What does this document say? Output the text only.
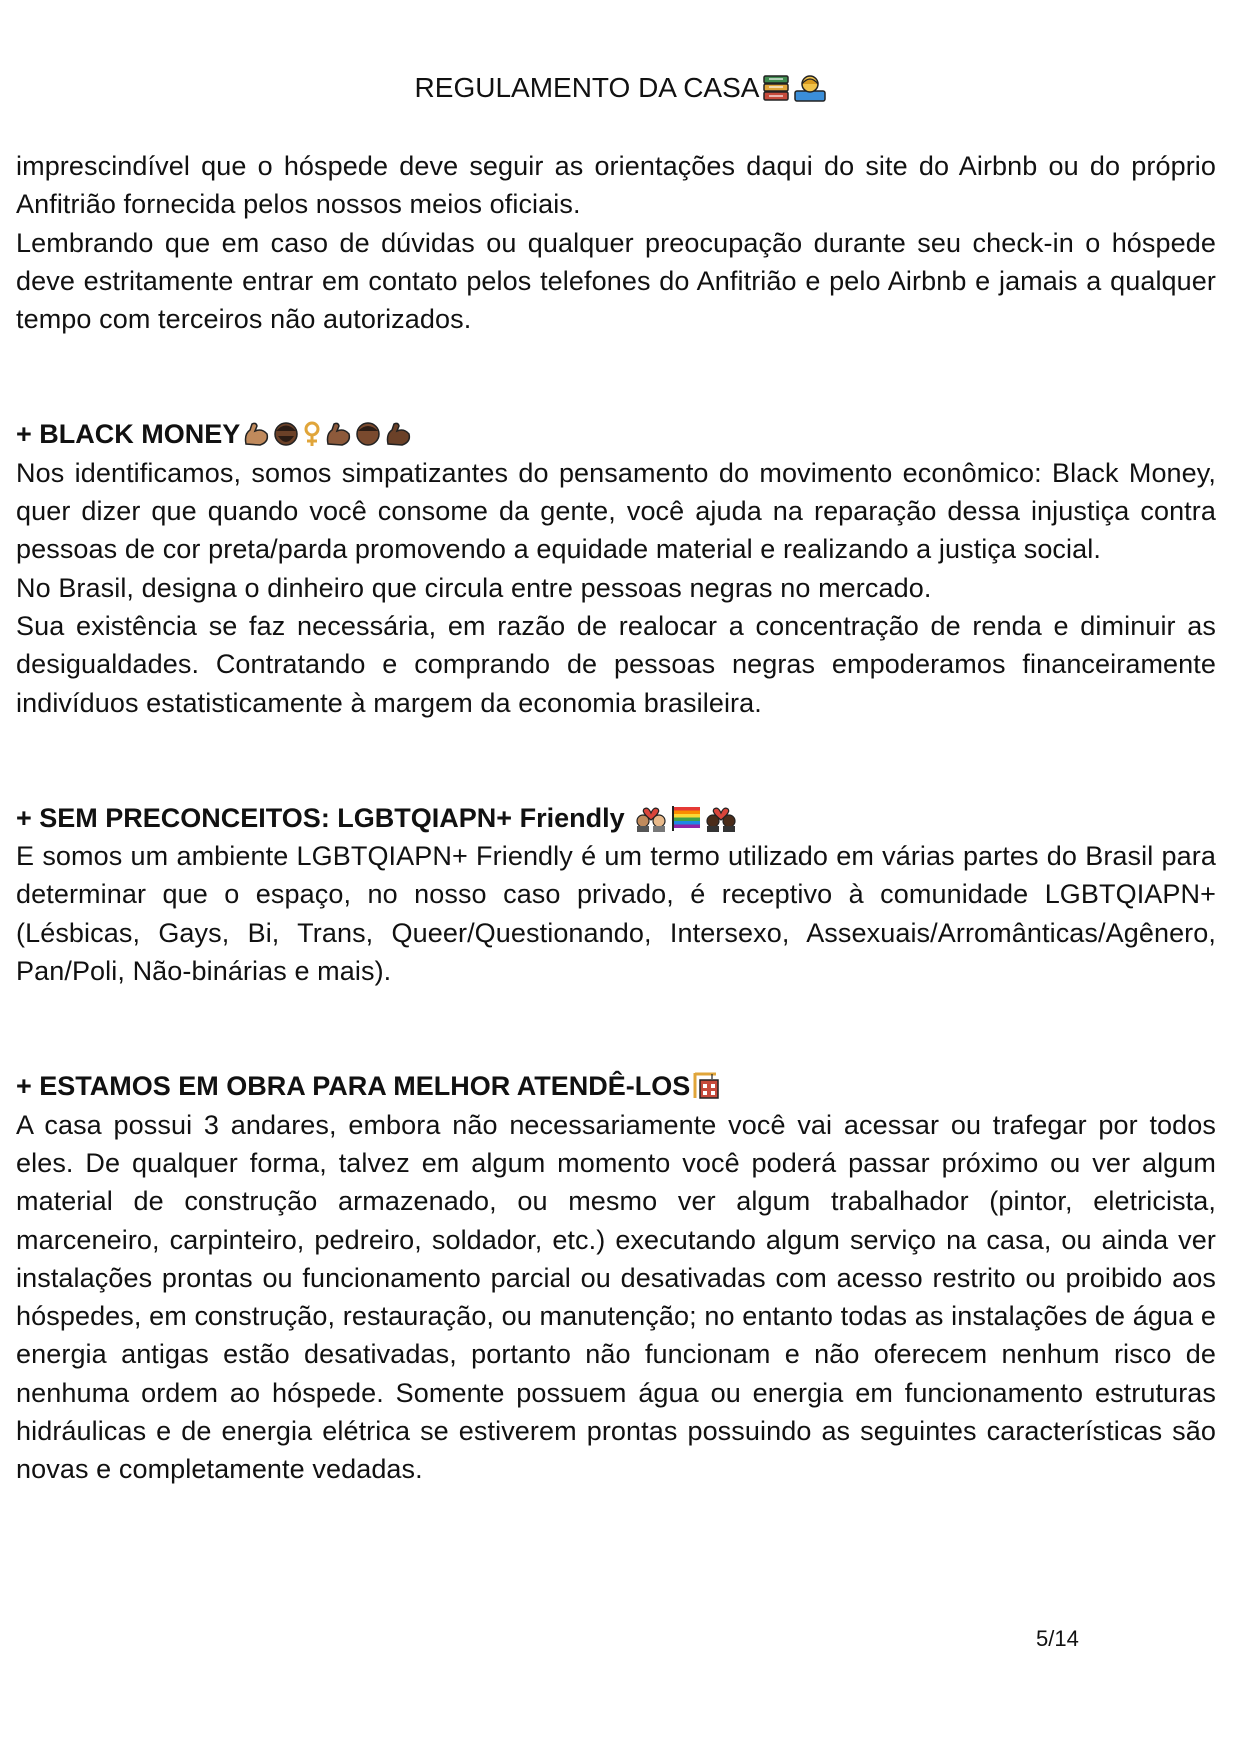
REGULAMENTO DA CASA

imprescindível que o hóspede deve seguir as orientações daqui do site do Airbnb ou do próprio Anfitrião fornecida pelos nossos meios oficiais.

Lembrando que em caso de dúvidas ou qualquer preocupação durante seu check-in o hóspede deve estritamente entrar em contato pelos telefones do Anfitrião e pelo Airbnb e jamais a qualquer tempo com terceiros não autorizados.

+ BLACK MONEY

Nos identificamos, somos simpatizantes do pensamento do movimento econômico: Black Money, quer dizer que quando você consome da gente, você ajuda na reparação dessa injustiça contra pessoas de cor preta/parda promovendo a equidade material e realizando a justiça social.

No Brasil, designa o dinheiro que circula entre pessoas negras no mercado.

Sua existência se faz necessária, em razão de realocar a concentração de renda e diminuir as desigualdades. Contratando e comprando de pessoas negras empoderamos financeiramente indivíduos estatisticamente à margem da economia brasileira.

+ SEM PRECONCEITOS: LGBTQIAPN+ Friendly

E somos um ambiente LGBTQIAPN+ Friendly é um termo utilizado em várias partes do Brasil para determinar que o espaço, no nosso caso privado, é receptivo à comunidade LGBTQIAPN+ (Lésbicas, Gays, Bi, Trans, Queer/Questionando, Intersexo, Assexuais/Arromânticas/Agênero, Pan/Poli, Não-binárias e mais).

+ ESTAMOS EM OBRA PARA MELHOR ATENDÊ-LOS

A casa possui 3 andares, embora não necessariamente você vai acessar ou trafegar por todos eles. De qualquer forma, talvez em algum momento você poderá passar próximo ou ver algum material de construção armazenado, ou mesmo ver algum trabalhador (pintor, eletricista, marceneiro, carpinteiro, pedreiro, soldador, etc.) executando algum serviço na casa, ou ainda ver instalações prontas ou funcionamento parcial ou desativadas com acesso restrito ou proibido aos hóspedes, em construção, restauração, ou manutenção; no entanto todas as instalações de água e energia antigas estão desativadas, portanto não funcionam e não oferecem nenhum risco de nenhuma ordem ao hóspede. Somente possuem água ou energia em funcionamento estruturas hidráulicas e de energia elétrica se estiverem prontas possuindo as seguintes características são novas e completamente vedadas.

5/14
